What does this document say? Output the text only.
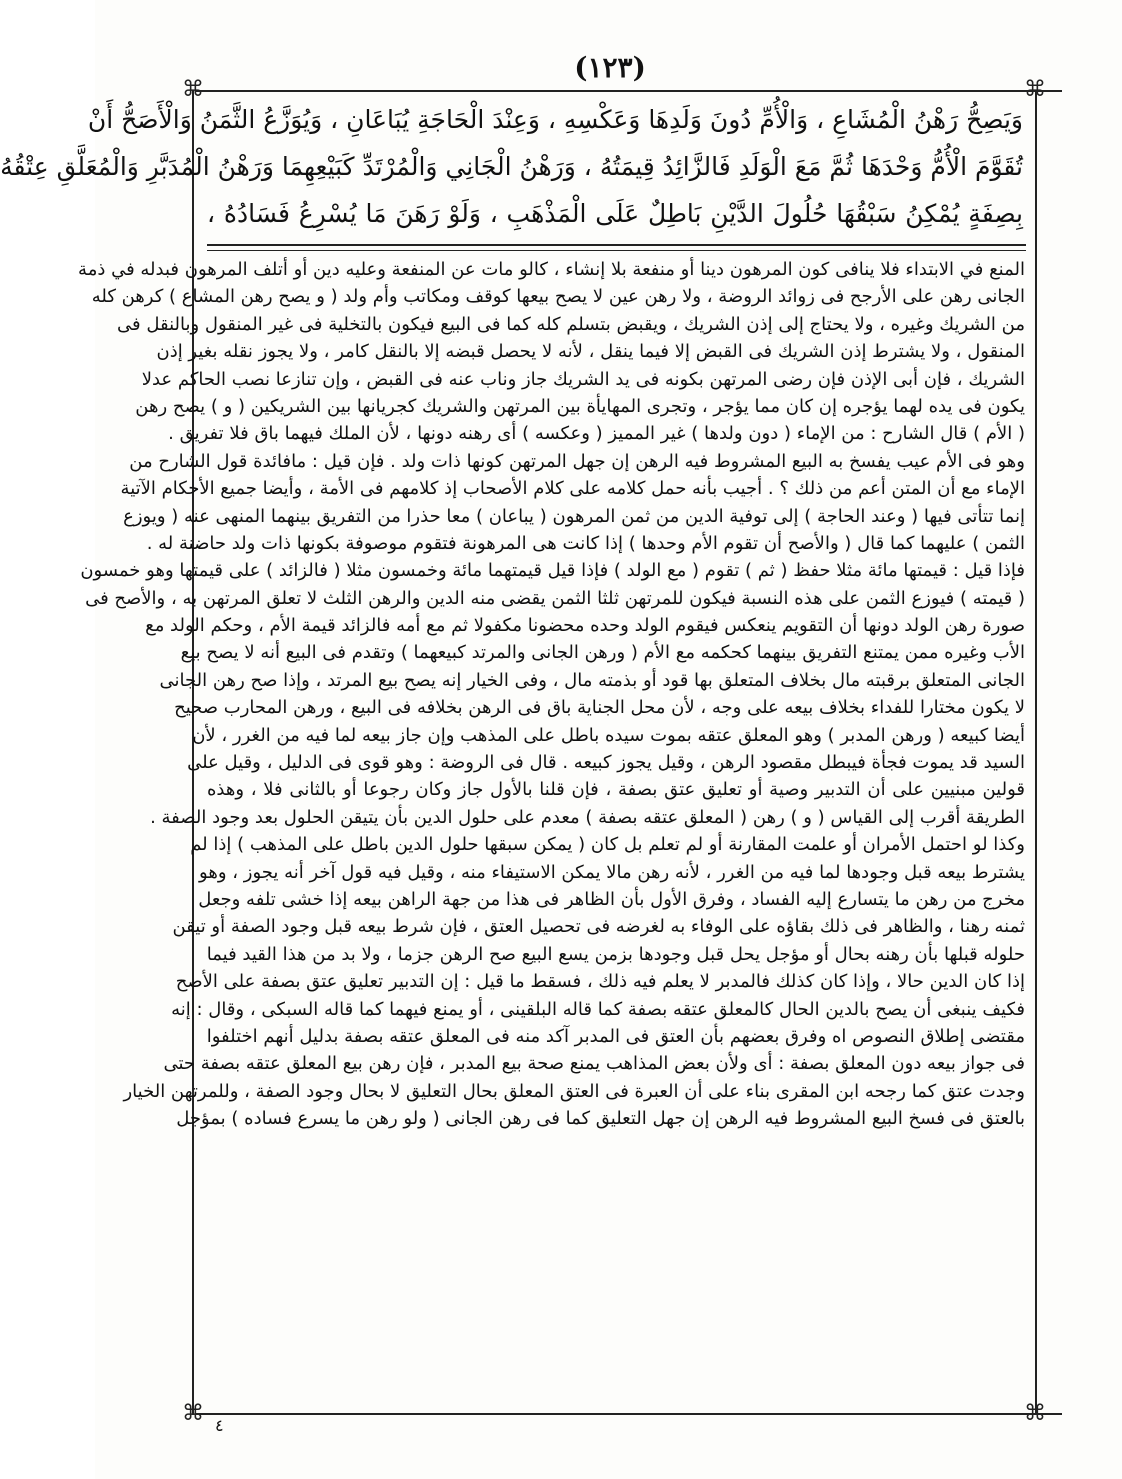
(١٢٣)
⌘	⌘
⌘	⌘
وَيَصِحُّ رَهْنُ الْمُشَاعِ ، وَالْأُمِّ دُونَ وَلَدِهَا وَعَكْسِهِ ، وَعِنْدَ الْحَاجَةِ يُبَاعَانِ ، وَيُوَزَّعُ الثَّمَنُ وَالْأَصَحُّ أَنْ
تُقَوَّمَ الْأُمُّ وَحْدَهَا ثُمَّ مَعَ الْوَلَدِ فَالزَّائِدُ قِيمَتُهُ ، وَرَهْنُ الْجَانِي وَالْمُرْتَدِّ كَبَيْعِهِمَا وَرَهْنُ الْمُدَبَّرِ وَالْمُعَلَّقِ عِتْقُهُ
بِصِفَةٍ يُمْكِنُ سَبْقُهَا حُلُولَ الدَّيْنِ بَاطِلٌ عَلَى الْمَذْهَبِ ، وَلَوْ رَهَنَ مَا يُسْرِعُ فَسَادُهُ ،
المنع في الابتداء فلا ينافى كون المرهون دينا أو منفعة بلا إنشاء ، كالو مات عن المنفعة وعليه دين أو أتلف المرهون فبدله في ذمة
الجانى رهن على الأرجح فى زوائد الروضة ، ولا رهن عين لا يصح بيعها كوقف ومكاتب وأم ولد ( و يصح رهن المشاع ) كرهن كله
من الشريك وغيره ، ولا يحتاج إلى إذن الشريك ، ويقبض بتسلم كله كما فى البيع فيكون بالتخلية فى غير المنقول وبالنقل فى
المنقول ، ولا يشترط إذن الشريك فى القبض إلا فيما ينقل ، لأنه لا يحصل قبضه إلا بالنقل كامر ، ولا يجوز نقله بغير إذن
الشريك ، فإن أبى الإذن فإن رضى المرتهن بكونه فى يد الشريك جاز وناب عنه فى القبض ، وإن تنازعا نصب الحاكم عدلا
يكون فى يده لهما يؤجره إن كان مما يؤجر ، وتجرى المهايأة بين المرتهن والشريك كجريانها بين الشريكين ( و ) يصح رهن
( الأم ) قال الشارح : من الإماء ( دون ولدها ) غير المميز ( وعكسه ) أى رهنه دونها ، لأن الملك فيهما باق فلا تفريق .
وهو فى الأم عيب يفسخ به البيع المشروط فيه الرهن إن جهل المرتهن كونها ذات ولد . فإن قيل : مافائدة قول الشارح من
الإماء مع أن المتن أعم من ذلك ؟ . أجيب بأنه حمل كلامه على كلام الأصحاب إذ كلامهم فى الأمة ، وأيضا جميع الأحكام الآتية
إنما تتأتى فيها ( وعند الحاجة ) إلى توفية الدين من ثمن المرهون ( يباعان ) معا حذرا من التفريق بينهما المنهى عنه ( ويوزع
الثمن ) عليهما كما قال ( والأصح أن تقوم الأم وحدها ) إذا كانت هى المرهونة فتقوم موصوفة بكونها ذات ولد حاضنة له .
فإذا قيل : قيمتها مائة مثلا حفظ ( ثم ) تقوم ( مع الولد ) فإذا قيل قيمتهما مائة وخمسون مثلا ( فالزائد ) على قيمتها وهو خمسون
( قيمته ) فيوزع الثمن على هذه النسبة فيكون للمرتهن ثلثا الثمن يقضى منه الدين والرهن الثلث لا تعلق المرتهن به ، والأصح فى
صورة رهن الولد دونها أن التقويم ينعكس فيقوم الولد وحده محضونا مكفولا ثم مع أمه فالزائد قيمة الأم ، وحكم الولد مع
الأب وغيره ممن يمتنع التفريق بينهما كحكمه مع الأم ( ورهن الجانى والمرتد كبيعهما ) وتقدم فى البيع أنه لا يصح بيع
الجانى المتعلق برقبته مال بخلاف المتعلق بها قود أو بذمته مال ، وفى الخيار إنه يصح بيع المرتد ، وإذا صح رهن الجانى
لا يكون مختارا للفداء بخلاف بيعه على وجه ، لأن محل الجناية باق فى الرهن بخلافه فى البيع ، ورهن المحارب صحيح
أيضا كبيعه ( ورهن المدبر ) وهو المعلق عتقه بموت سيده باطل على المذهب وإن جاز بيعه لما فيه من الغرر ، لأن
السيد قد يموت فجأة فيبطل مقصود الرهن ، وقيل يجوز كبيعه . قال فى الروضة : وهو قوى فى الدليل ، وقيل على
قولين مبنيين على أن التدبير وصية أو تعليق عتق بصفة ، فإن قلنا بالأول جاز وكان رجوعا أو بالثانى فلا ، وهذه
الطريقة أقرب إلى القياس ( و ) رهن ( المعلق عتقه بصفة ) معدم على حلول الدين بأن يتيقن الحلول بعد وجود الصفة .
وكذا لو احتمل الأمران أو علمت المقارنة أو لم تعلم بل كان ( يمكن سبقها حلول الدين باطل على المذهب ) إذا لم
يشترط بيعه قبل وجودها لما فيه من الغرر ، لأنه رهن مالا يمكن الاستيفاء منه ، وقيل فيه قول آخر أنه يجوز ، وهو
مخرج من رهن ما يتسارع إليه الفساد ، وفرق الأول بأن الظاهر فى هذا من جهة الراهن بيعه إذا خشى تلفه وجعل
ثمنه رهنا ، والظاهر فى ذلك بقاؤه على الوفاء به لغرضه فى تحصيل العتق ، فإن شرط بيعه قبل وجود الصفة أو تيقن
حلوله قبلها بأن رهنه بحال أو مؤجل يحل قبل وجودها بزمن يسع البيع صح الرهن جزما ، ولا بد من هذا القيد فيما
إذا كان الدين حالا ، وإذا كان كذلك فالمدبر لا يعلم فيه ذلك ، فسقط ما قيل : إن التدبير تعليق عتق بصفة على الأصح
فكيف ينبغى أن يصح بالدين الحال كالمعلق عتقه بصفة كما قاله البلقينى ، أو يمنع فيهما كما قاله السبكى ، وقال : إنه
مقتضى إطلاق النصوص اه وفرق بعضهم بأن العتق فى المدبر آكد منه فى المعلق عتقه بصفة بدليل أنهم اختلفوا
فى جواز بيعه دون المعلق بصفة : أى ولأن بعض المذاهب يمنع صحة بيع المدبر ، فإن رهن بيع المعلق عتقه بصفة حتى
وجدت عتق كما رجحه ابن المقرى بناء على أن العبرة فى العتق المعلق بحال التعليق لا بحال وجود الصفة ، وللمرتهن الخيار
بالعتق فى فسخ البيع المشروط فيه الرهن إن جهل التعليق كما فى رهن الجانى ( ولو رهن ما يسرع فساده ) بمؤجل
٤
